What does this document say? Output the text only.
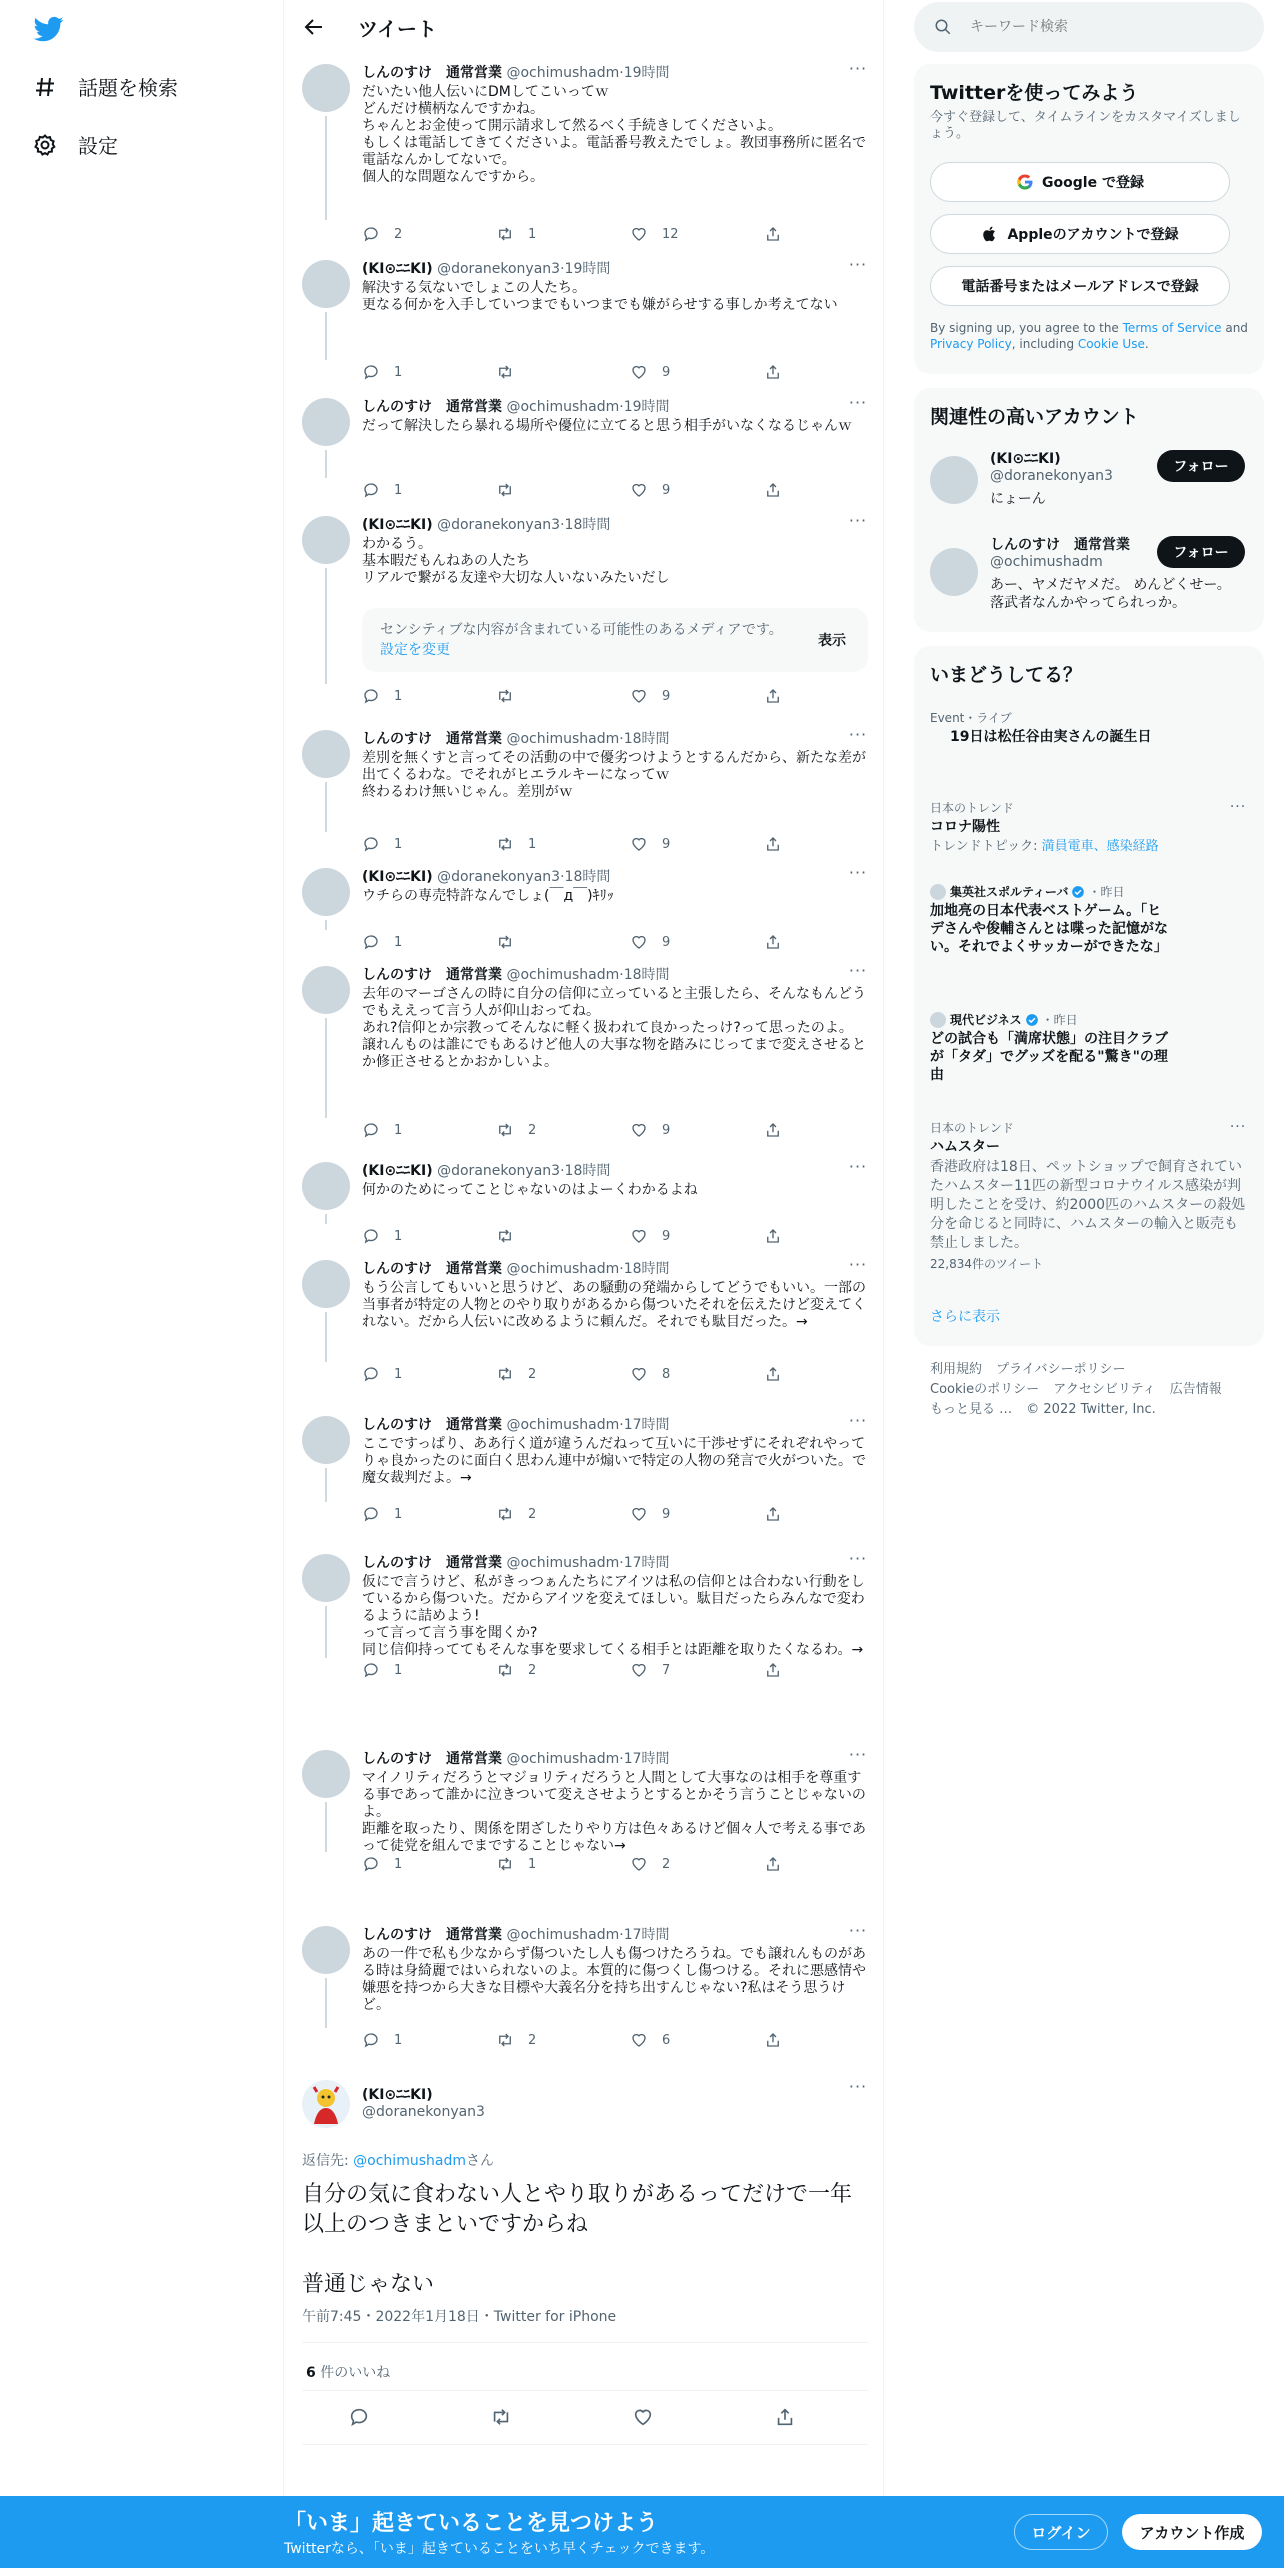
話題を検索
設定
ツイート
しんのすけ　通常営業 @ochimushadm·19時間	···
だいたい他人伝いにDMしてこいってｗ
どんだけ横柄なんですかね。
ちゃんとお金使って開示請求して然るべく手続きしてくださいよ。
もしくは電話してきてくださいよ。電話番号教えたでしょ。教団事務所に匿名で電話なんかしてないで。
個人的な問題なんですから。
2	1	12
(KI⊙ﾆﾆKI) @doranekonyan3·19時間	···
解決する気ないでしょこの人たち。
更なる何かを入手していつまでもいつまでも嫌がらせする事しか考えてない
1	9
しんのすけ　通常営業 @ochimushadm·19時間	···
だって解決したら暴れる場所や優位に立てると思う相手がいなくなるじゃんｗ
1	9
(KI⊙ﾆﾆKI) @doranekonyan3·18時間	···
わかるう。
基本暇だもんねあの人たち
リアルで繋がる友達や大切な人いないみたいだし
センシティブな内容が含まれている可能性のあるメディアです。設定を変更
表示
1	9
しんのすけ　通常営業 @ochimushadm·18時間	···
差別を無くすと言ってその活動の中で優劣つけようとするんだから、新たな差が出てくるわな。でそれがヒエラルキーになってｗ
終わるわけ無いじゃん。差別がｗ
1	1	9
(KI⊙ﾆﾆKI) @doranekonyan3·18時間	···
ウチらの専売特許なんでしょ(￣д￣)ｷﾘｯ
1	9
しんのすけ　通常営業 @ochimushadm·18時間	···
去年のマーゴさんの時に自分の信仰に立っていると主張したら、そんなもんどうでもええって言う人が仰山おってね。
あれ?信仰とか宗教ってそんなに軽く扱われて良かったっけ?って思ったのよ。
譲れんものは誰にでもあるけど他人の大事な物を踏みにじってまで変えさせるとか修正させるとかおかしいよ。
1	2	9
(KI⊙ﾆﾆKI) @doranekonyan3·18時間	···
何かのためにってことじゃないのはよーくわかるよね
1	9
しんのすけ　通常営業 @ochimushadm·18時間	···
もう公言してもいいと思うけど、あの騒動の発端からしてどうでもいい。一部の当事者が特定の人物とのやり取りがあるから傷ついたそれを伝えたけど変えてくれない。だから人伝いに改めるように頼んだ。それでも駄目だった。→
1	2	8
しんのすけ　通常営業 @ochimushadm·17時間	···
ここですっぱり、ああ行く道が違うんだねって互いに干渉せずにそれぞれやってりゃ良かったのに面白く思わん連中が煽いで特定の人物の発言で火がついた。で魔女裁判だよ。→
1	2	9
しんのすけ　通常営業 @ochimushadm·17時間	···
仮にで言うけど、私がきっつぁんたちにアイツは私の信仰とは合わない行動をしているから傷ついた。だからアイツを変えてほしい。駄目だったらみんなで変わるように詰めよう!
って言って言う事を聞くか?
同じ信仰持っててもそんな事を要求してくる相手とは距離を取りたくなるわ。→
1	2	7
しんのすけ　通常営業 @ochimushadm·17時間	···
マイノリティだろうとマジョリティだろうと人間として大事なのは相手を尊重する事であって誰かに泣きついて変えさせようとするとかそう言うことじゃないのよ。
距離を取ったり、関係を閉ざしたりやり方は色々あるけど個々人で考える事であって徒党を組んでまですることじゃない→
1	1	2
しんのすけ　通常営業 @ochimushadm·17時間	···
あの一件で私も少なからず傷ついたし人も傷つけたろうね。でも譲れんものがある時は身綺麗ではいられないのよ。本質的に傷つくし傷つける。それに悪感情や嫌悪を持つから大きな目標や大義名分を持ち出すんじゃない?私はそう思うけど。
1	2	6
(KI⊙ﾆﾆKI)
@doranekonyan3
···
返信先: @ochimushadmさん
自分の気に食わない人とやり取りがあるってだけで一年以上のつきまといですからね

普通じゃない
午前7:45・2022年1月18日・Twitter for iPhone
6 件のいいね
キーワード検索
Twitterを使ってみよう
今すぐ登録して、タイムラインをカスタマイズしましょう。
Google で登録
Appleのアカウントで登録
電話番号またはメールアドレスで登録
By signing up, you agree to the Terms of Service and Privacy Policy, including Cookie Use.
関連性の高いアカウント
(KI⊙ﾆﾆKI)
@doranekonyan3
にょーん
しんのすけ　通常営業
@ochimushadm
あー、ヤメだヤメだ。 めんどくせー。 落武者なんかやってられっか。
フォロー
フォロー
いまどうしてる？
Event・ライブ
19日は松任谷由実さんの誕生日
日本のトレンド
コロナ陽性
トレンドトピック: 満員電車、感染経路
···
集英社スポルティーバ ・昨日
加地亮の日本代表ベストゲーム。「ヒデさんや俊輔さんとは喋った記憶がない。それでよくサッカーができたな」
現代ビジネス ・昨日
どの試合も「満席状態」の注目クラブが「タダ」でグッズを配る"驚き"の理由
日本のトレンド
ハムスター
香港政府は18日、ペットショップで飼育されていたハムスター11匹の新型コロナウイルス感染が判明したことを受け、約2000匹のハムスターの殺処分を命じると同時に、ハムスターの輸入と販売も禁止しました。
22,834件のツイート
···
さらに表示
利用規約 プライバシーポリシー
Cookieのポリシー アクセシビリティ 広告情報
もっと見る … © 2022 Twitter, Inc.
「いま」起きていることを見つけよう
Twitterなら、「いま」起きていることをいち早くチェックできます。
ログイン	アカウント作成
